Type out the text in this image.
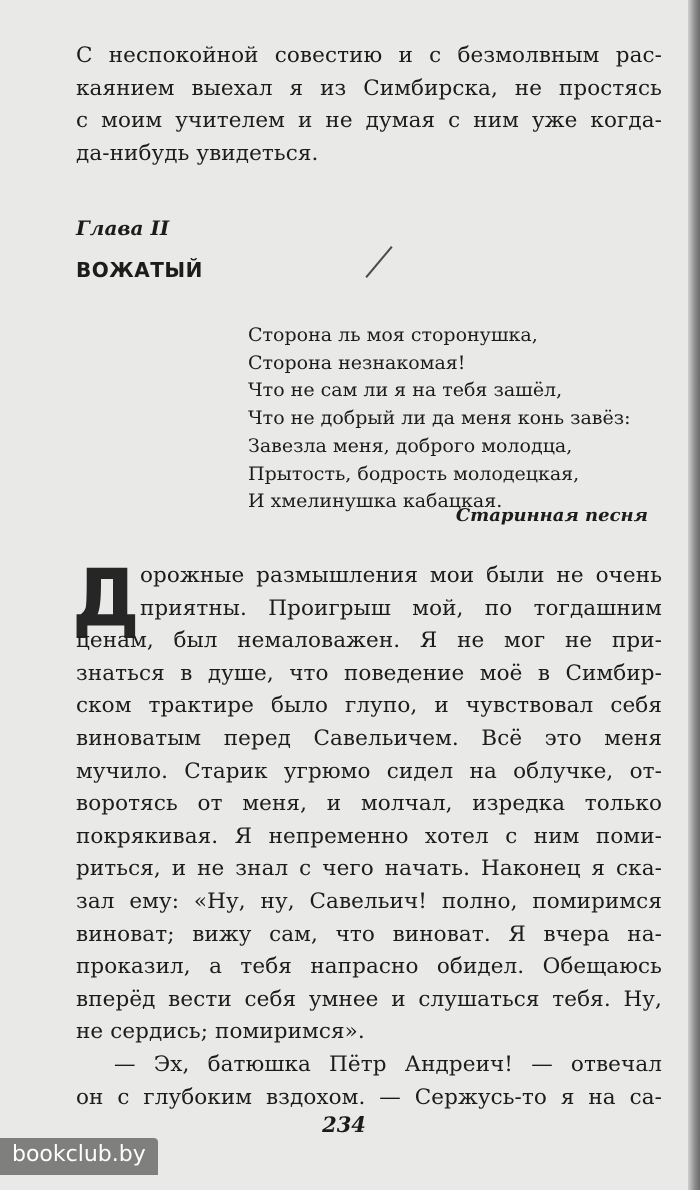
С неспокойной совестию и с безмолвным рас-
каянием выехал я из Симбирска, не простясь
с моим учителем и не думая с ним уже когда-
да-нибудь увидеться.
Глава II
ВОЖАТЫЙ
Сторона ль моя сторонушка,
Сторона незнакомая!
Что не сам ли я на тебя зашёл,
Что не добрый ли да меня конь завёз:
Завезла меня, доброго молодца,
Прытость, бодрость молодецкая,
И хмелинушка кабацкая.
Старинная песня
Д орожные размышления мои были не очень
приятны. Проигрыш мой, по тогдашним
ценам, был немаловажен. Я не мог не при-
знаться в душе, что поведение моё в Симбир-
ском трактире было глупо, и чувствовал себя
виноватым перед Савельичем. Всё это меня
мучило. Старик угрюмо сидел на облучке, от-
воротясь от меня, и молчал, изредка только
покрякивая. Я непременно хотел с ним поми-
риться, и не знал с чего начать. Наконец я ска-
зал ему: «Ну, ну, Савельич! полно, помиримся
виноват; вижу сам, что виноват. Я вчера на-
проказил, а тебя напрасно обидел. Обещаюсь
вперёд вести себя умнее и слушаться тебя. Ну,
не сердись; помиримся».
— Эх, батюшка Пётр Андреич! — отвечал
он с глубоким вздохом. — Сержусь-то я на са-
234
bookclub.by
